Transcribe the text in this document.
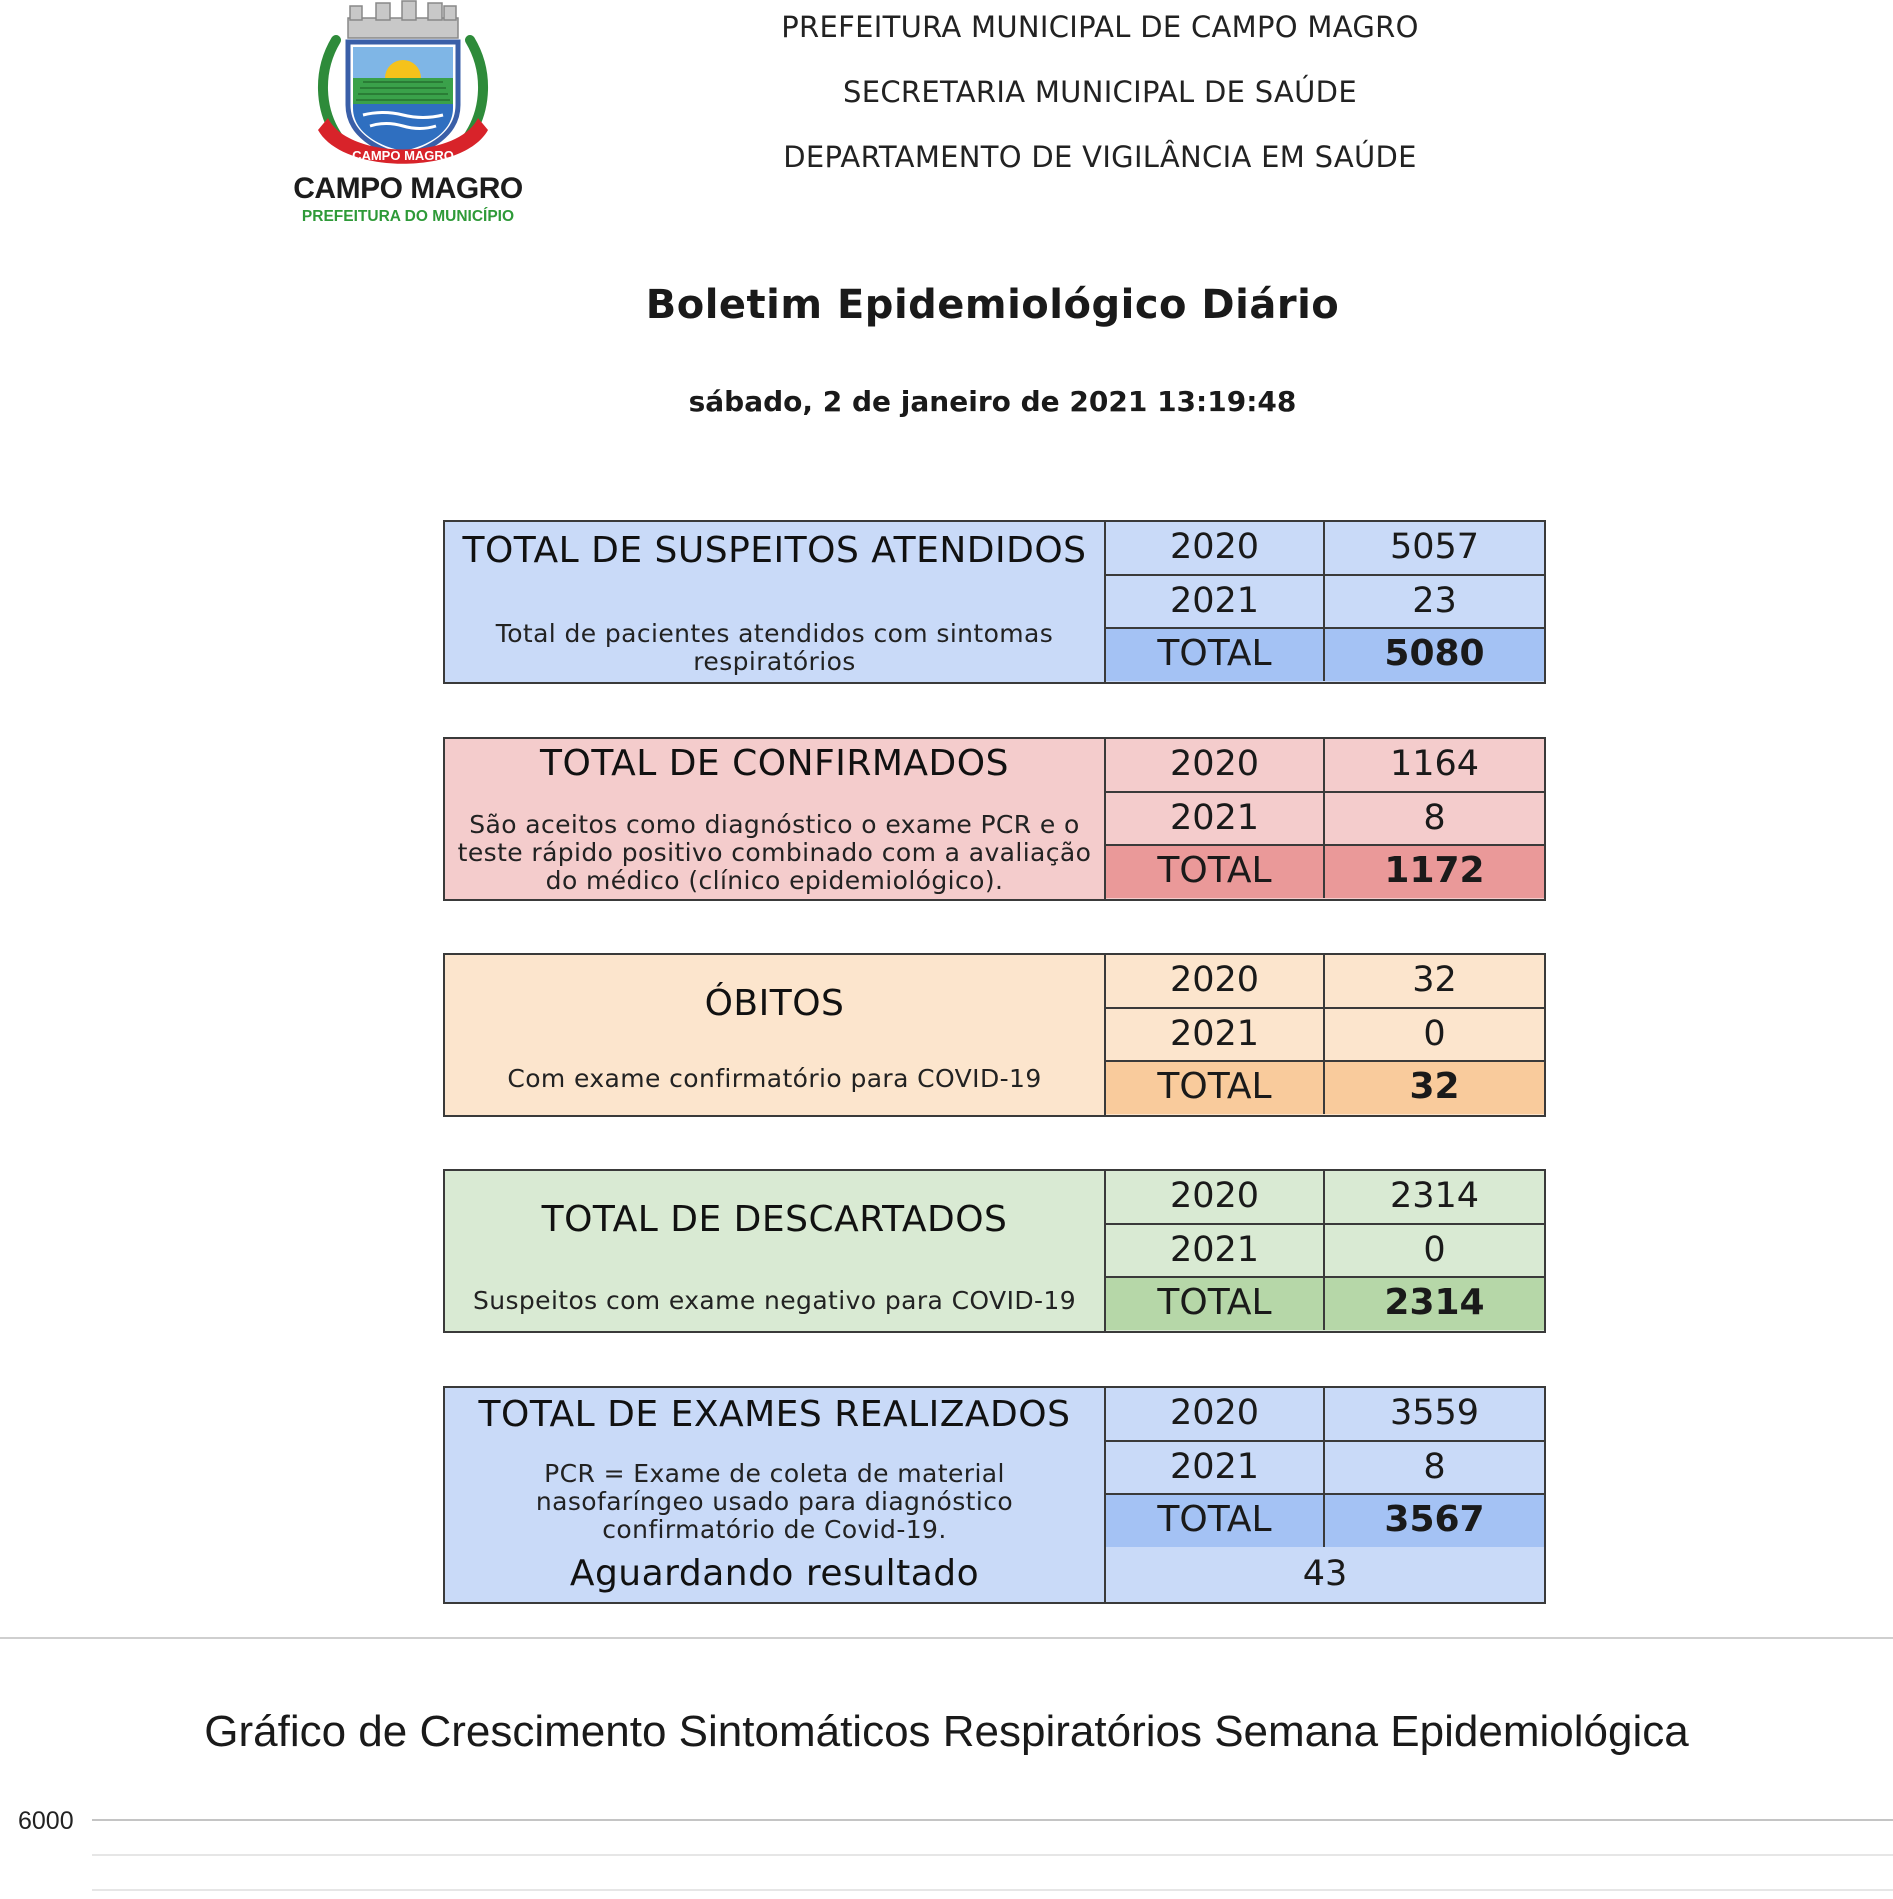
CAMPO MAGRO
CAMPO MAGRO
PREFEITURA DO MUNICÍPIO
PREFEITURA MUNICIPAL DE CAMPO MAGRO
SECRETARIA MUNICIPAL DE SAÚDE
DEPARTAMENTO DE VIGILÂNCIA EM SAÚDE
Boletim Epidemiológico Diário
sábado, 2 de janeiro de 2021 13:19:48
TOTAL DE SUSPEITOS ATENDIDOS
Total de pacientes atendidos com sintomas respiratórios
2020	5057
2021	23
TOTAL	5080
TOTAL DE CONFIRMADOS
São aceitos como diagnóstico o exame PCR e o teste rápido positivo combinado com a avaliação do médico (clínico epidemiológico).
2020	1164
2021	8
TOTAL	1172
ÓBITOS
Com exame confirmatório para COVID-19
2020	32
2021	0
TOTAL	32
TOTAL DE DESCARTADOS
Suspeitos com exame negativo para COVID-19
2020	2314
2021	0
TOTAL	2314
TOTAL DE EXAMES REALIZADOS
PCR = Exame de coleta de material nasofaríngeo usado para diagnóstico confirmatório de Covid-19.
2020	3559
2021	8
TOTAL	3567
Aguardando resultado	43
Gráfico de Crescimento Sintomáticos Respiratórios Semana Epidemiológica
6000
